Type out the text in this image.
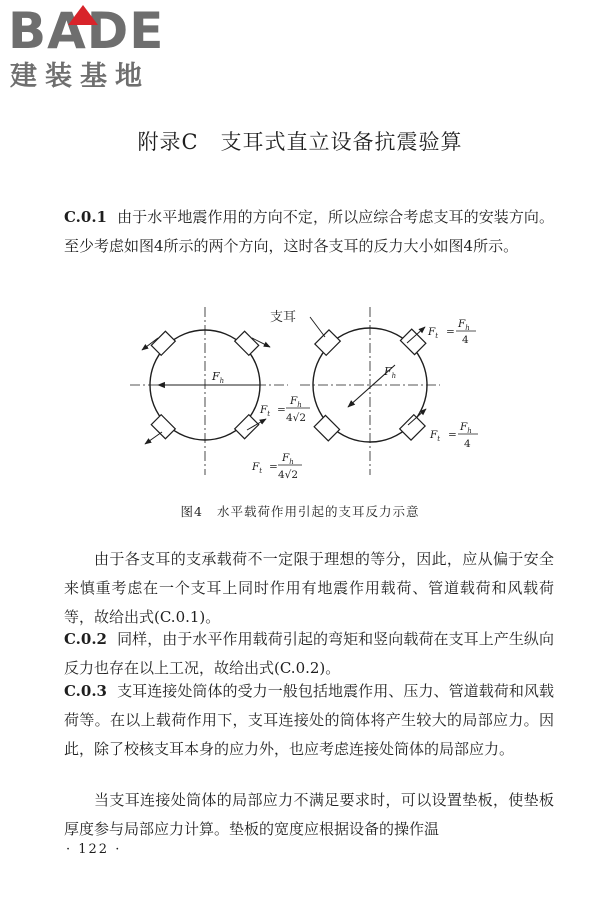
BADE
建装基地
附录C 支耳式直立设备抗震验算
C.0.1 由于水平地震作用的方向不定，所以应综合考虑支耳的安装方向。至少考虑如图4所示的两个方向，这时各支耳的反力大小如图4所示。
支耳
$F_h$
$F_h$
$F_t$ =
$F_h$
4
$F_t$ =
$F_h$
4
$F_t$ =
$F_h$
4√2
$F_t$ =
$F_h$
4√2
图4 水平载荷作用引起的支耳反力示意
由于各支耳的支承载荷不一定限于理想的等分，因此，应从偏于安全来慎重考虑在一个支耳上同时作用有地震作用载荷、管道载荷和风载荷等，故给出式(C.0.1)。
C.0.2 同样，由于水平作用载荷引起的弯矩和竖向载荷在支耳上产生纵向反力也存在以上工况，故给出式(C.0.2)。
C.0.3 支耳连接处筒体的受力一般包括地震作用、压力、管道载荷和风载荷等。在以上载荷作用下，支耳连接处的筒体将产生较大的局部应力。因此，除了校核支耳本身的应力外，也应考虑连接处筒体的局部应力。
当支耳连接处筒体的局部应力不满足要求时，可以设置垫板，使垫板厚度参与局部应力计算。垫板的宽度应根据设备的操作温
· 122 ·
